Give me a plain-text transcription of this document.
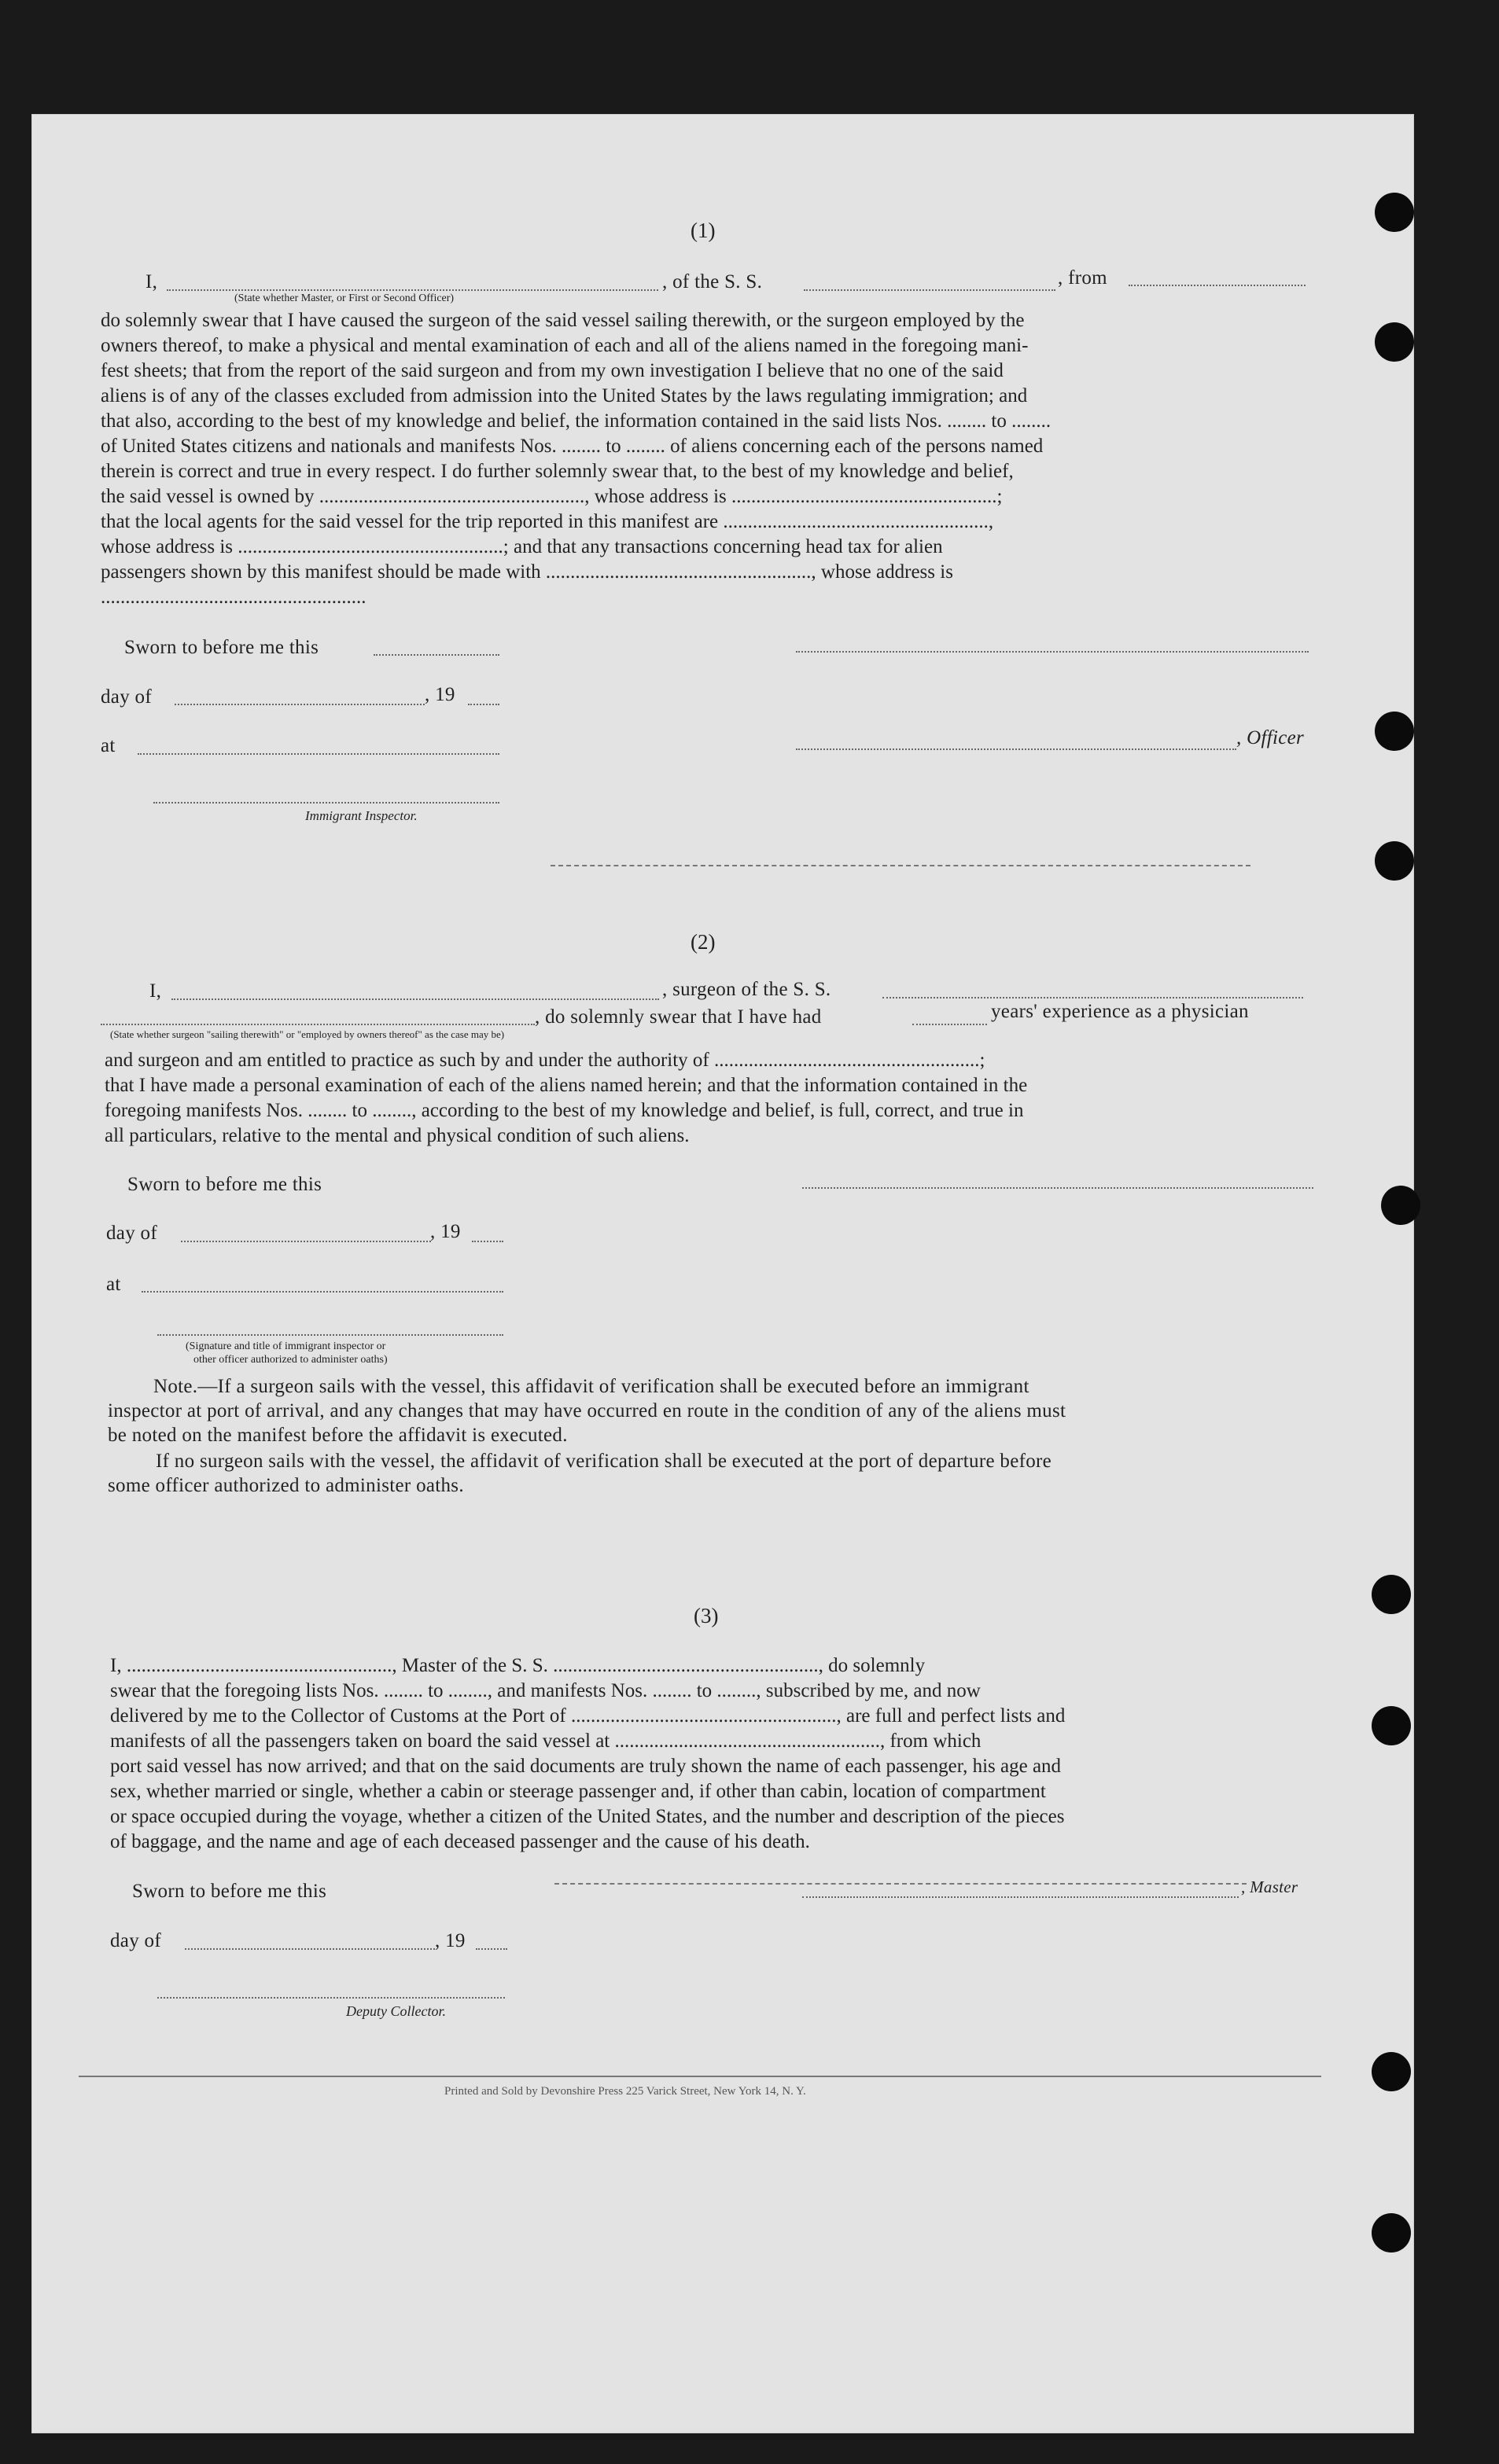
(1)
I,	, of the S. S.	, from
(State whether Master, or First or Second Officer)

do solemnly swear that I have caused the surgeon of the said vessel sailing therewith, or the surgeon employed by the

owners thereof, to make a physical and mental examination of each and all of the aliens named in the foregoing mani-

fest sheets; that from the report of the said surgeon and from my own investigation I believe that no one of the said

aliens is of any of the classes excluded from admission into the United States by the laws regulating immigration; and

that also, according to the best of my knowledge and belief, the information contained in the said lists Nos. ........ to ........

of United States citizens and nationals and manifests Nos. ........ to ........ of aliens concerning each of the persons named

therein is correct and true in every respect. I do further solemnly swear that, to the best of my knowledge and belief,

the said vessel is owned by ......................................................, whose address is ......................................................;

that the local agents for the said vessel for the trip reported in this manifest are ......................................................,

whose address is ......................................................; and that any transactions concerning head tax for alien

passengers shown by this manifest should be made with ......................................................, whose address is

......................................................

Sworn to before me this
day of	, 19
at	, Officer
Immigrant Inspector.
(2)
I,	, surgeon of the S. S.
, do solemnly swear that I have had	years' experience as a physician
(State whether surgeon "sailing therewith" or "employed by owners thereof" as the case may be)

and surgeon and am entitled to practice as such by and under the authority of ......................................................;

that I have made a personal examination of each of the aliens named herein; and that the information contained in the

foregoing manifests Nos. ........ to ........, according to the best of my knowledge and belief, is full, correct, and true in

all particulars, relative to the mental and physical condition of such aliens.

Sworn to before me this
day of	, 19
at
(Signature and title of immigrant inspector or
other officer authorized to administer oaths)
Note.—If a surgeon sails with the vessel, this affidavit of verification shall be executed before an immigrant
inspector at port of arrival, and any changes that may have occurred en route in the condition of any of the aliens must
be noted on the manifest before the affidavit is executed.
If no surgeon sails with the vessel, the affidavit of verification shall be executed at the port of departure before
some officer authorized to administer oaths.
(3)

I, ......................................................, Master of the S. S. ......................................................, do solemnly

swear that the foregoing lists Nos. ........ to ........, and manifests Nos. ........ to ........, subscribed by me, and now

delivered by me to the Collector of Customs at the Port of ......................................................, are full and perfect lists and

manifests of all the passengers taken on board the said vessel at ......................................................, from which

port said vessel has now arrived; and that on the said documents are truly shown the name of each passenger, his age and

sex, whether married or single, whether a cabin or steerage passenger and, if other than cabin, location of compartment

or space occupied during the voyage, whether a citizen of the United States, and the number and description of the pieces

of baggage, and the name and age of each deceased passenger and the cause of his death.

Sworn to before me this	, Master
day of	, 19
Deputy Collector.
Printed and Sold by Devonshire Press 225 Varick Street, New York 14, N. Y.
